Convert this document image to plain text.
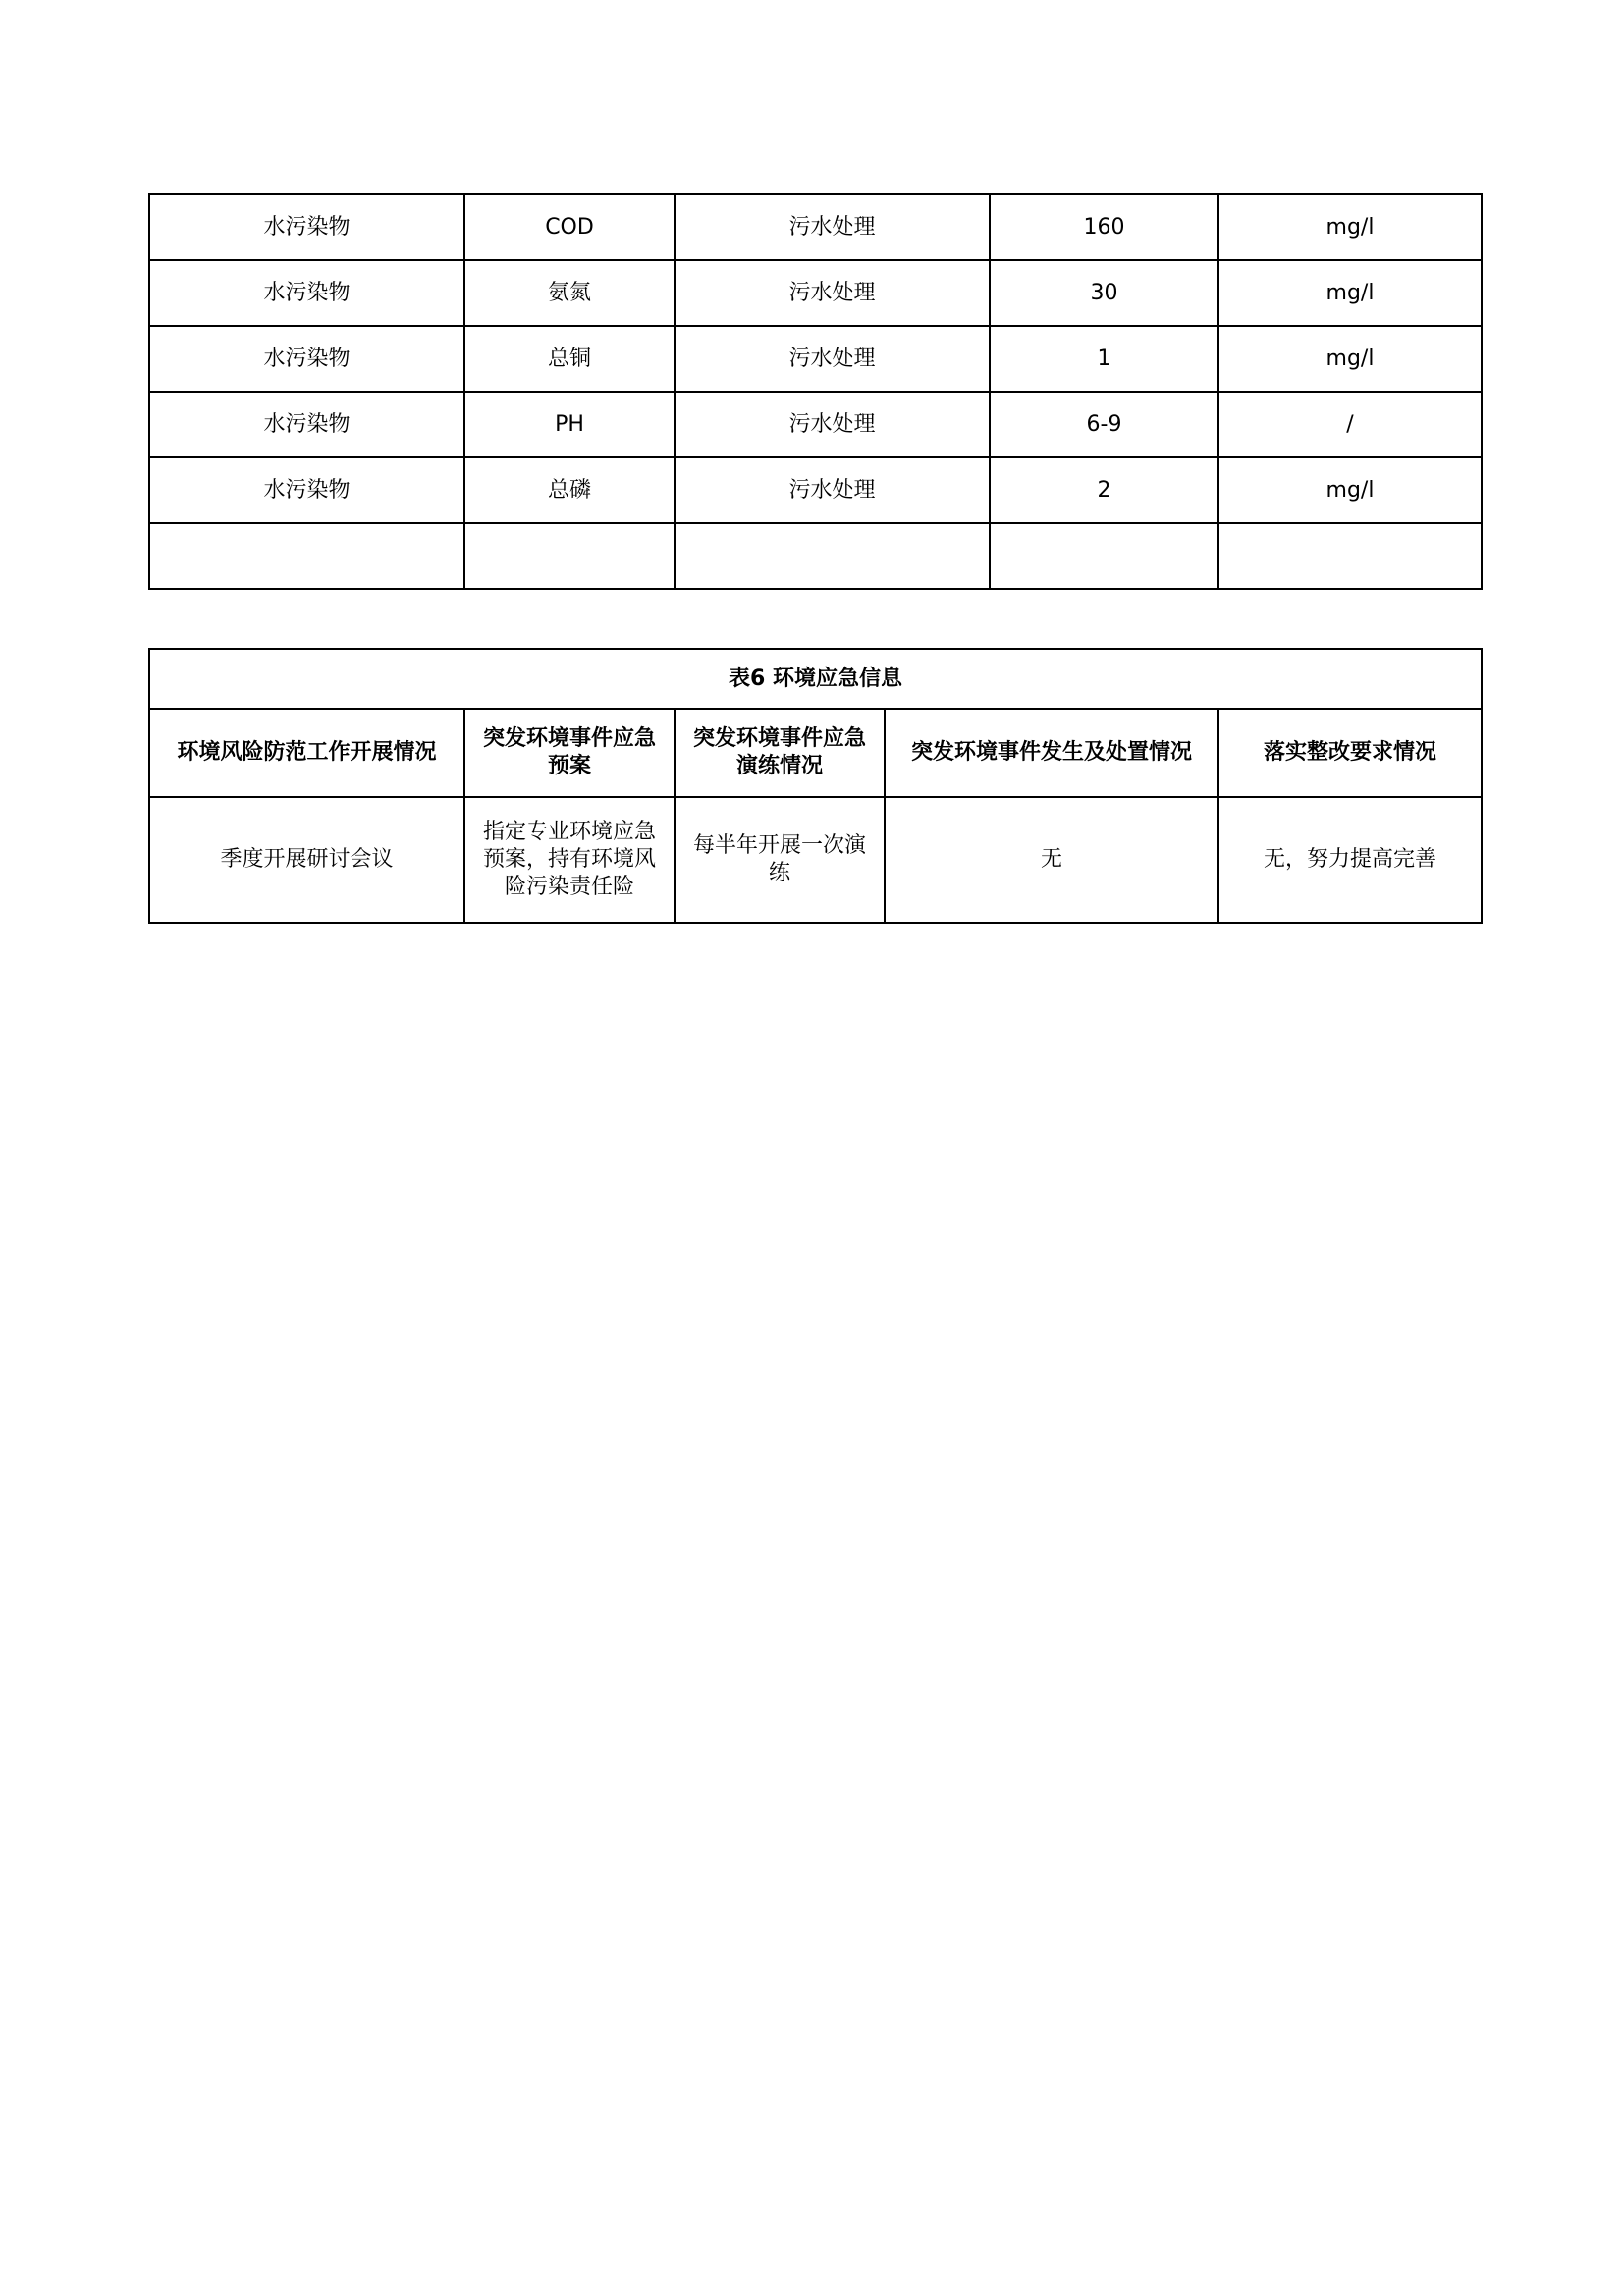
水污染物	COD	污水处理	160	mg/l
水污染物	氨氮	污水处理	30	mg/l
水污染物	总铜	污水处理	1	mg/l
水污染物	PH	污水处理	6-9	/
水污染物	总磷	污水处理	2	mg/l

表6 环境应急信息				
环境风险防范工作开展情况	突发环境事件应急预案	突发环境事件应急演练情况	突发环境事件发生及处置情况	落实整改要求情况
季度开展研讨会议	指定专业环境应急预案，持有环境风险污染责任险	每半年开展一次演练	无	无，努力提高完善
